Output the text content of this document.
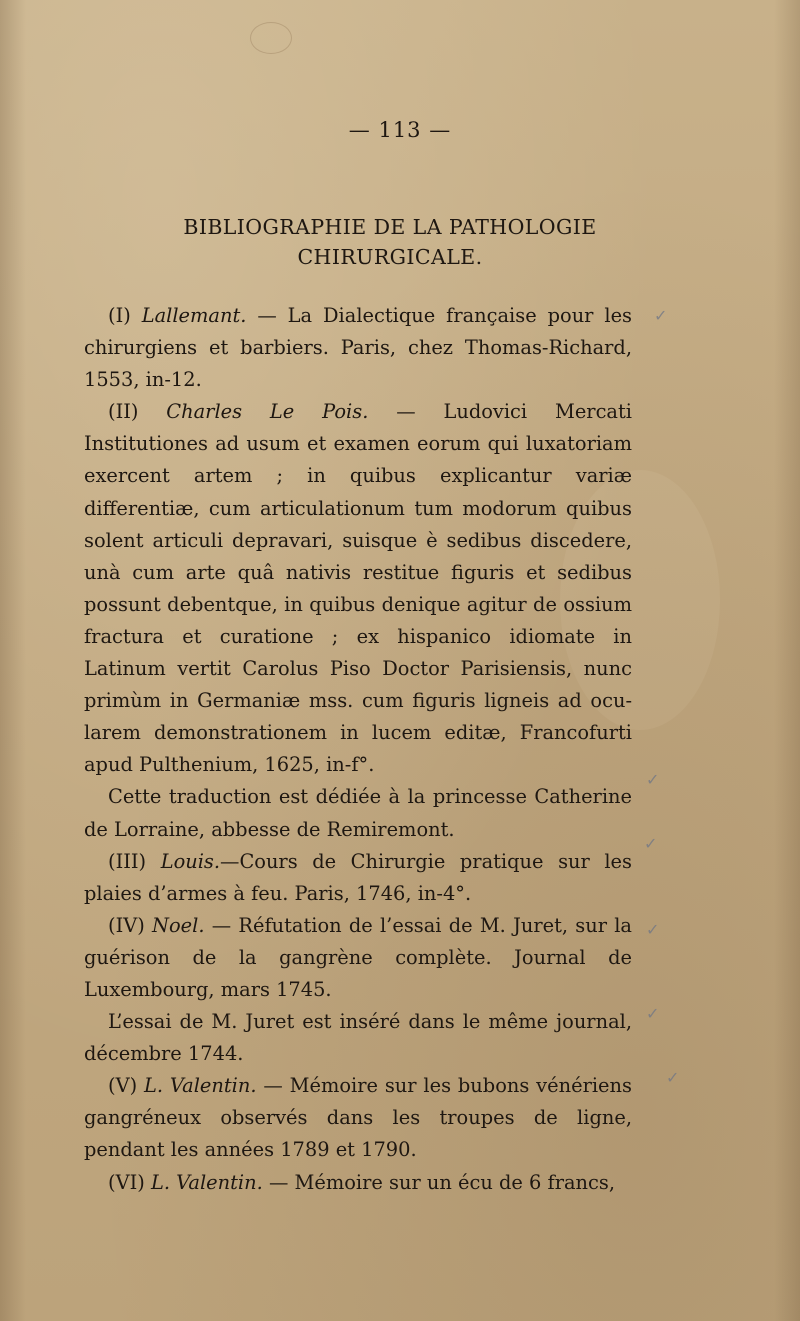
— 113 —
BIBLIOGRAPHIE DE LA PATHOLOGIE
CHIRURGICALE.

(I) Lallemant. — La Dialectique française pour les chirurgiens et barbiers. Paris, chez Thomas-Richard, 1553, in-12.

(II) Charles Le Pois. — Ludovici Mercati Institutiones ad usum et examen eorum qui luxatoriam exercent artem ; in quibus explicantur variæ differentiæ, cum articulationum tum modorum quibus solent articuli depravari, suisque è sedibus discedere, unà cum arte quâ nativis restitue figuris et sedibus possunt debentque, in quibus denique agitur de ossium fractura et curatione ; ex hispanico idiomate in Latinum vertit Carolus Piso Doctor Parisiensis, nunc primùm in Germaniæ mss. cum figuris ligneis ad ocularem demonstrationem in lucem editæ, Francofurti apud Pulthenium, 1625, in-f°.

Cette traduction est dédiée à la princesse Catherine de Lorraine, abbesse de Remiremont.

(III) Louis.—Cours de Chirurgie pratique sur les plaies d’armes à feu. Paris, 1746, in-4°.

(IV) Noel. — Réfutation de l’essai de M. Juret, sur la guérison de la gangrène complète. Journal de Luxembourg, mars 1745.

L’essai de M. Juret est inséré dans le même journal, décembre 1744.

(V) L. Valentin. — Mémoire sur les bubons vénériens gangréneux observés dans les troupes de ligne, pendant les années 1789 et 1790.

(VI) L. Valentin. — Mémoire sur un écu de 6 francs,

✓
✓
✓
✓
✓
✓
